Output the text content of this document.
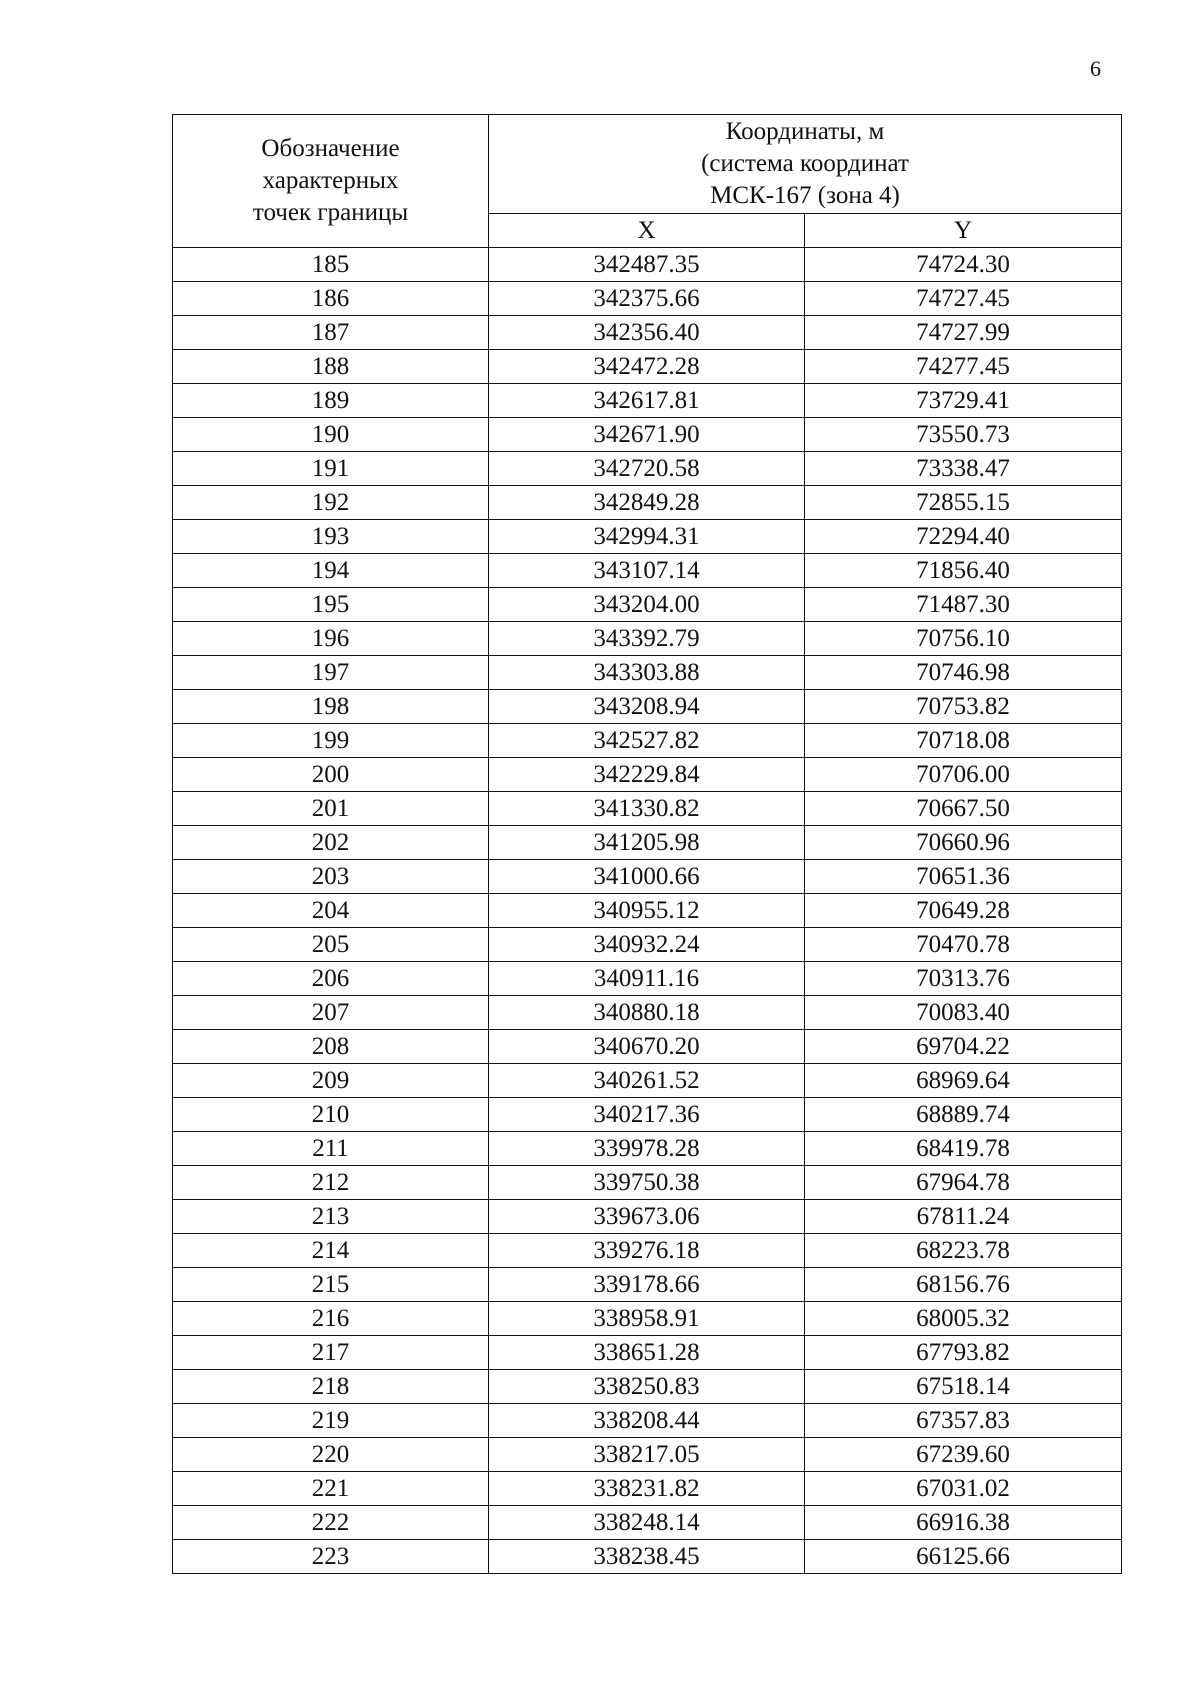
6
Обозначение
характерных
точек границы	Координаты, м
(система координат
МСК-167 (зона 4)	

	X	Y
185	342487.35	74724.30
186	342375.66	74727.45
187	342356.40	74727.99
188	342472.28	74277.45
189	342617.81	73729.41
190	342671.90	73550.73
191	342720.58	73338.47
192	342849.28	72855.15
193	342994.31	72294.40
194	343107.14	71856.40
195	343204.00	71487.30
196	343392.79	70756.10
197	343303.88	70746.98
198	343208.94	70753.82
199	342527.82	70718.08
200	342229.84	70706.00
201	341330.82	70667.50
202	341205.98	70660.96
203	341000.66	70651.36
204	340955.12	70649.28
205	340932.24	70470.78
206	340911.16	70313.76
207	340880.18	70083.40
208	340670.20	69704.22
209	340261.52	68969.64
210	340217.36	68889.74
211	339978.28	68419.78
212	339750.38	67964.78
213	339673.06	67811.24
214	339276.18	68223.78
215	339178.66	68156.76
216	338958.91	68005.32
217	338651.28	67793.82
218	338250.83	67518.14
219	338208.44	67357.83
220	338217.05	67239.60
221	338231.82	67031.02
222	338248.14	66916.38
223	338238.45	66125.66
